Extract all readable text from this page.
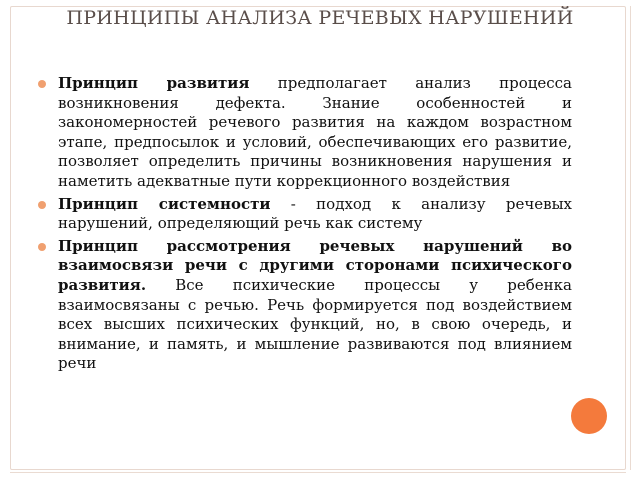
ПРИНЦИПЫ АНАЛИЗА РЕЧЕВЫХ НАРУШЕНИЙ
Принцип развития предполагает анализ процесса возникновения дефекта. Знание особенностей и закономерностей речевого развития на каждом возрастном этапе, предпосылок и условий, обеспечивающих его развитие, позволяет определить причины возникновения нарушения и наметить адекватные пути коррекционного воздействия
Принцип системности - подход к анализу речевых нарушений, определяющий речь как систему
Принцип рассмотрения речевых нарушений во взаимосвязи речи с другими сторонами психического развития. Все психические процессы у ребенка взаимосвязаны с речью. Речь формируется под воздействием всех высших психических функций, но, в свою очередь, и внимание, и память, и мышление развиваются под влиянием речи
